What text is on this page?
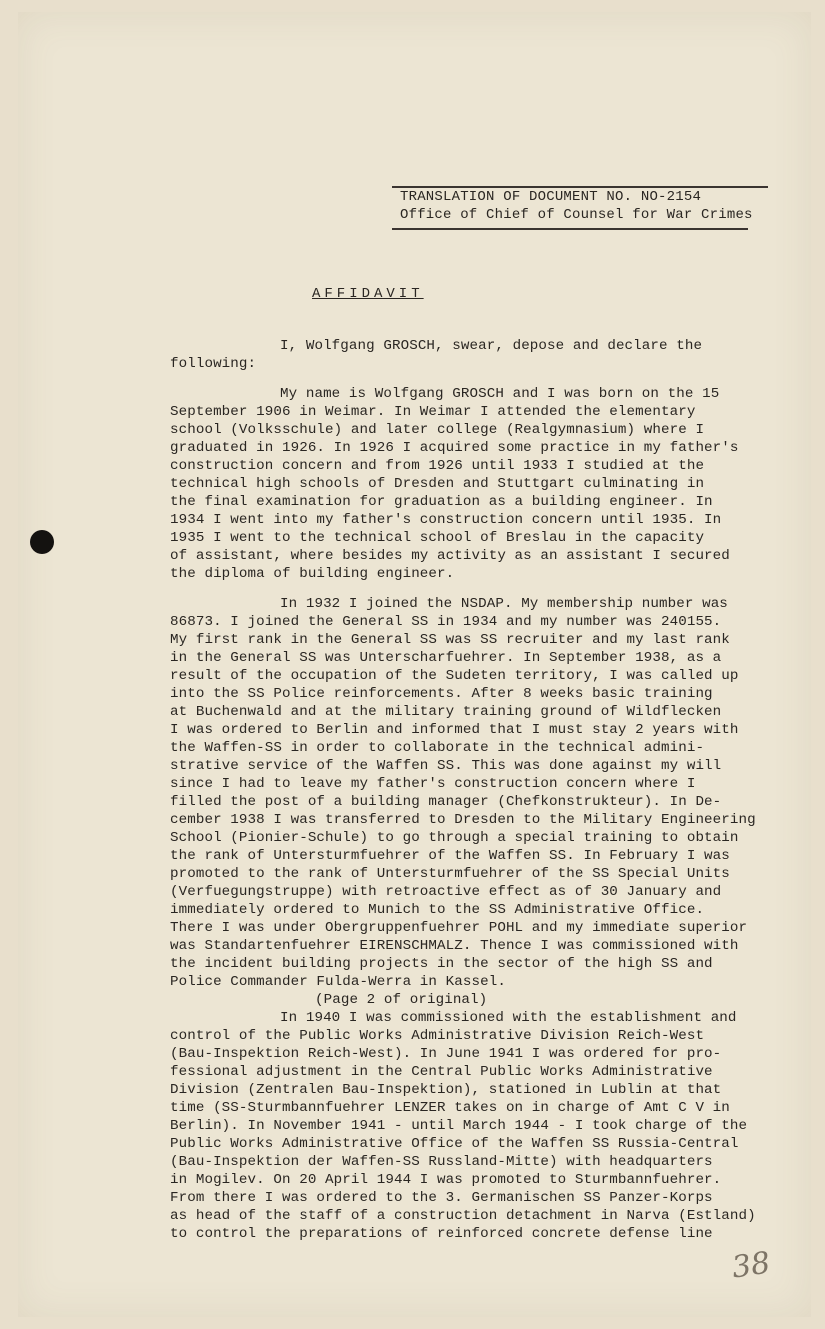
TRANSLATION OF DOCUMENT NO. NO-2154
Office of Chief of Counsel for War Crimes
AFFIDAVIT
I, Wolfgang GROSCH, swear, depose and declare the
following:
My name is Wolfgang GROSCH and I was born on the 15
September 1906 in Weimar. In Weimar I attended the elementary
school (Volksschule) and later college (Realgymnasium) where I
graduated in 1926. In 1926 I acquired some practice in my father's
construction concern and from 1926 until 1933 I studied at the
technical high schools of Dresden and Stuttgart culminating in
the final examination for graduation as a building engineer. In
1934 I went into my father's construction concern until 1935. In
1935 I went to the technical school of Breslau in the capacity
of assistant, where besides my activity as an assistant I secured
the diploma of building engineer.
In 1932 I joined the NSDAP. My membership number was
86873. I joined the General SS in 1934 and my number was 240155.
My first rank in the General SS was SS recruiter and my last rank
in the General SS was Unterscharfuehrer. In September 1938, as a
result of the occupation of the Sudeten territory, I was called up
into the SS Police reinforcements. After 8 weeks basic training
at Buchenwald and at the military training ground of Wildflecken
I was ordered to Berlin and informed that I must stay 2 years with
the Waffen-SS in order to collaborate in the technical admini-
strative service of the Waffen SS. This was done against my will
since I had to leave my father's construction concern where I
filled the post of a building manager (Chefkonstrukteur). In De-
cember 1938 I was transferred to Dresden to the Military Engineering
School (Pionier-Schule) to go through a special training to obtain
the rank of Untersturmfuehrer of the Waffen SS. In February I was
promoted to the rank of Untersturmfuehrer of the SS Special Units
(Verfuegungstruppe) with retroactive effect as of 30 January and
immediately ordered to Munich to the SS Administrative Office.
There I was under Obergruppenfuehrer POHL and my immediate superior
was Standartenfuehrer EIRENSCHMALZ. Thence I was commissioned with
the incident building projects in the sector of the high SS and
Police Commander Fulda-Werra in Kassel.
(Page 2 of original)
In 1940 I was commissioned with the establishment and
control of the Public Works Administrative Division Reich-West
(Bau-Inspektion Reich-West). In June 1941 I was ordered for pro-
fessional adjustment in the Central Public Works Administrative
Division (Zentralen Bau-Inspektion), stationed in Lublin at that
time (SS-Sturmbannfuehrer LENZER takes on in charge of Amt C V in
Berlin). In November 1941 - until March 1944 - I took charge of the
Public Works Administrative Office of the Waffen SS Russia-Central
(Bau-Inspektion der Waffen-SS Russland-Mitte) with headquarters
in Mogilev. On 20 April 1944 I was promoted to Sturmbannfuehrer.
From there I was ordered to the 3. Germanischen SS Panzer-Korps
as head of the staff of a construction detachment in Narva (Estland)
to control the preparations of reinforced concrete defense line
38
